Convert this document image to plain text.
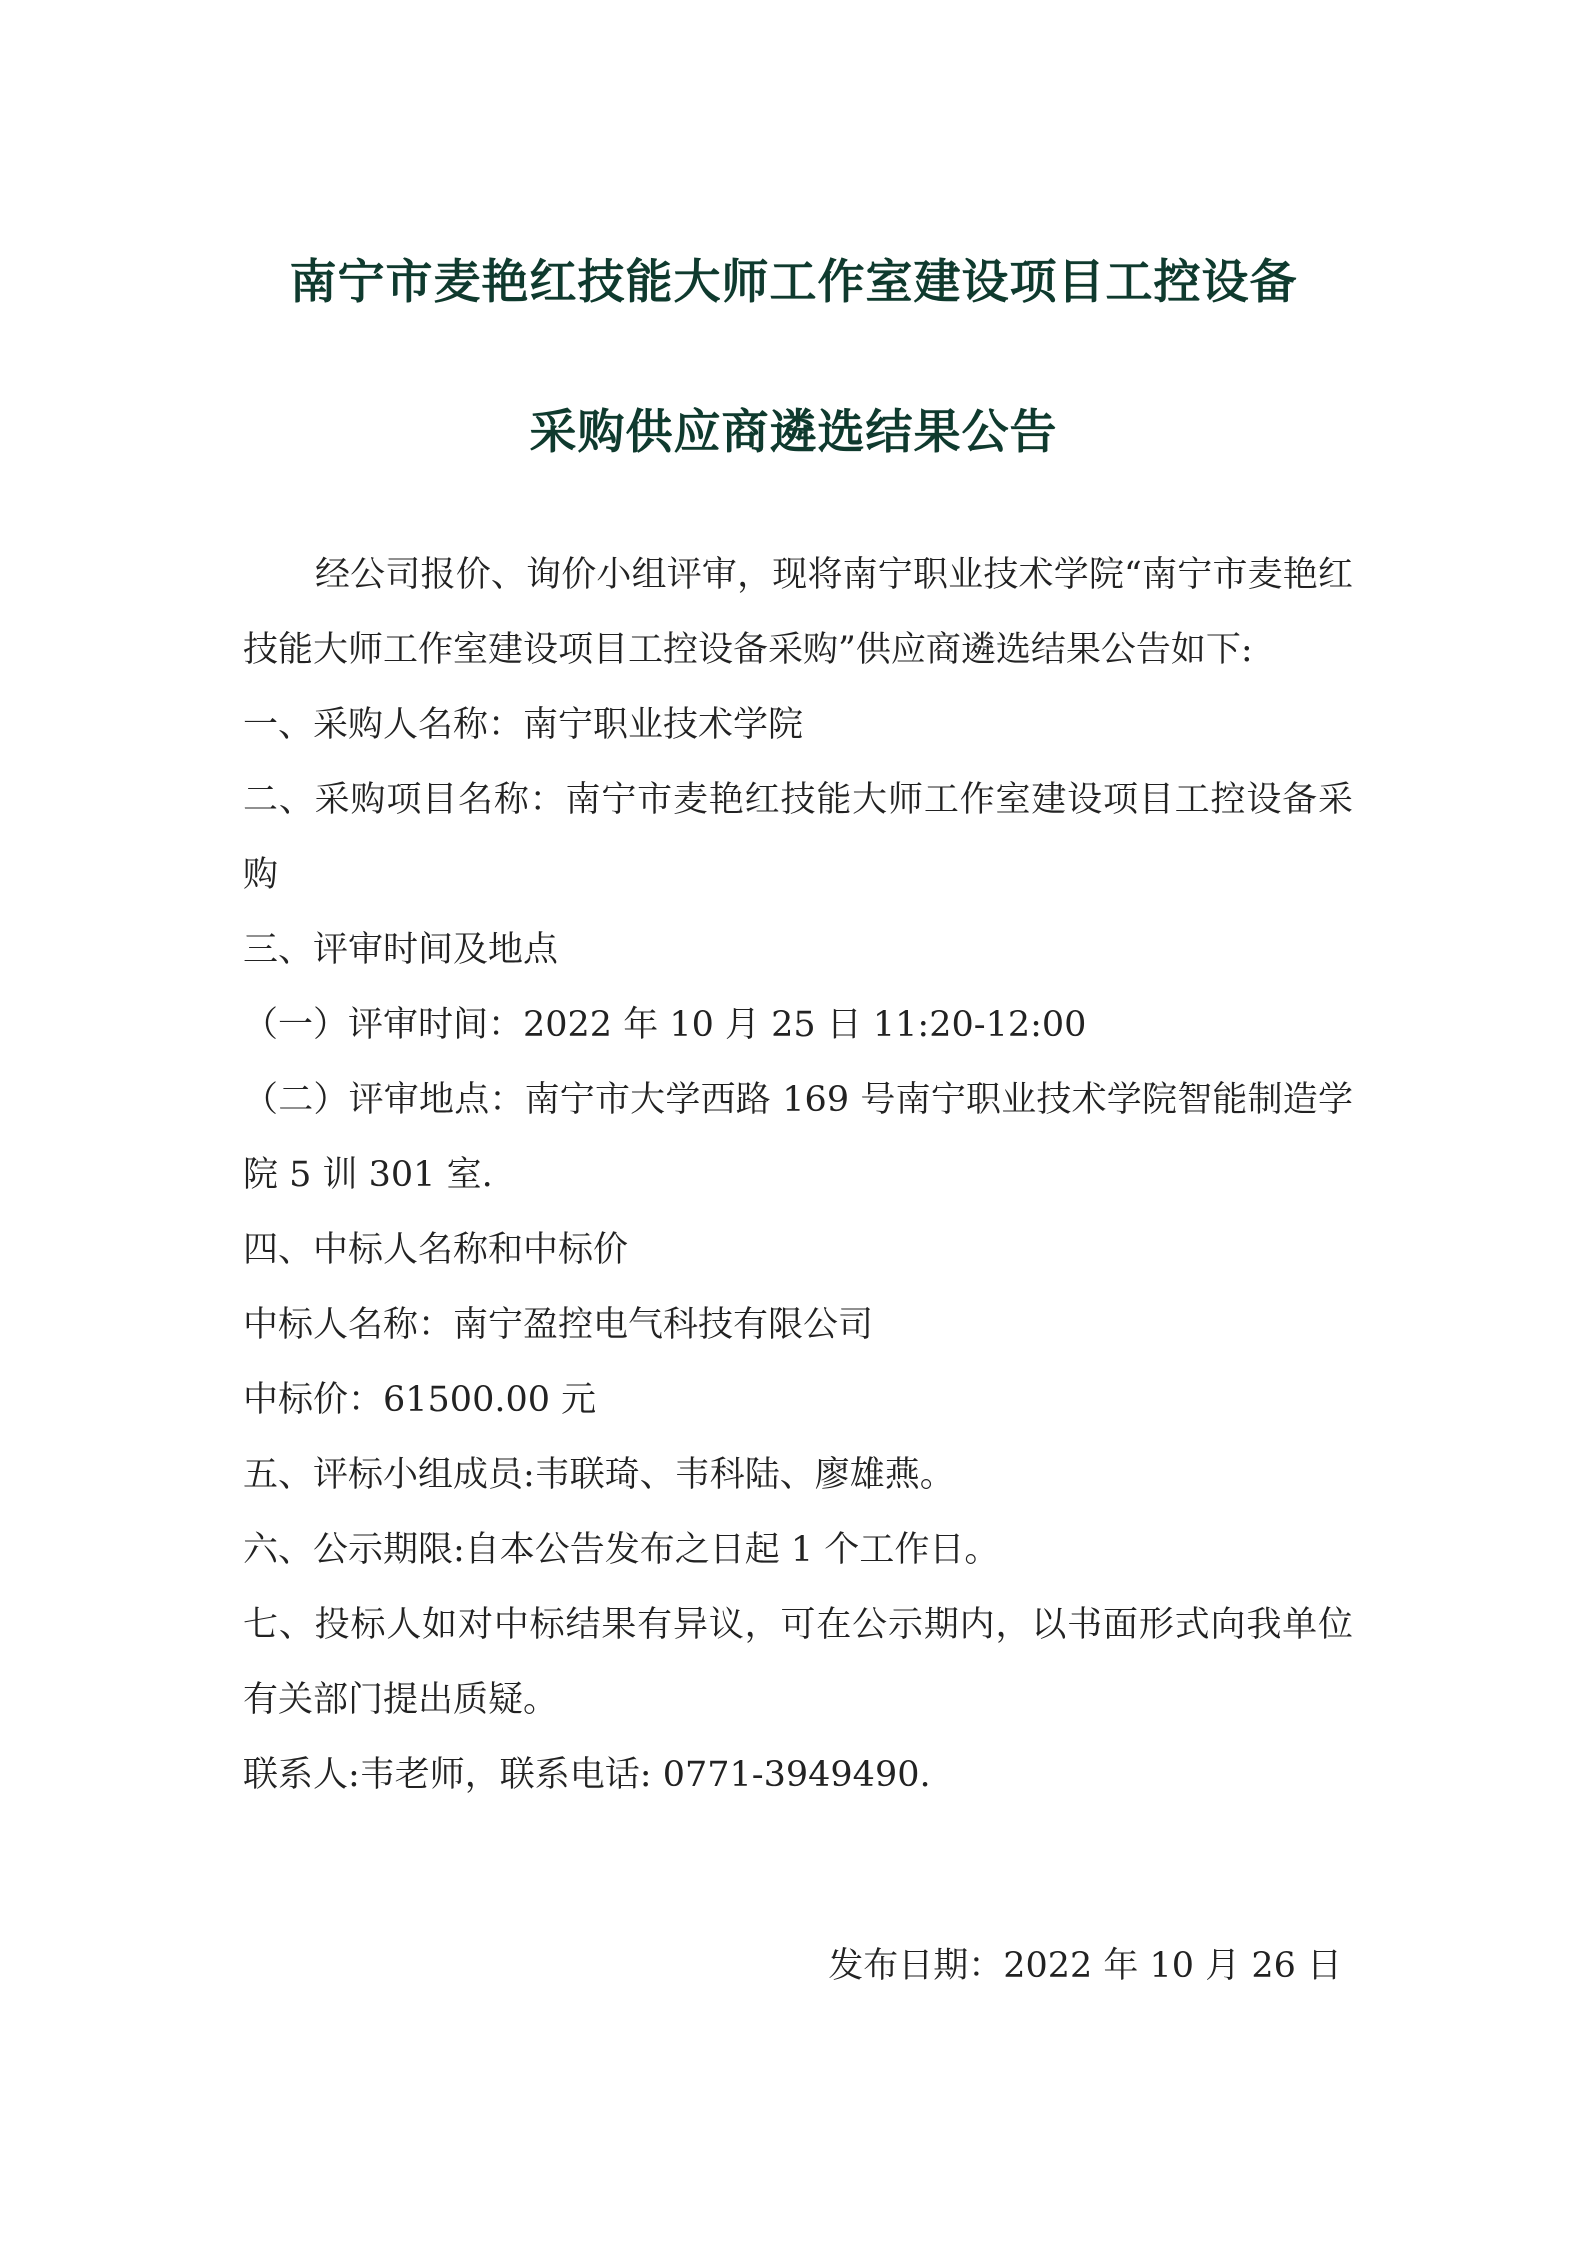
南宁市麦艳红技能大师工作室建设项目工控设备
采购供应商遴选结果公告

经公司报价、询价小组评审，现将南宁职业技术学院“南宁市麦艳红技能大师工作室建设项目工控设备采购”供应商遴选结果公告如下:

一、采购人名称：南宁职业技术学院

二、采购项目名称：南宁市麦艳红技能大师工作室建设项目工控设备采购

三、评审时间及地点

（一）评审时间：2022 年 10 月 25 日 11:20-12:00

（二）评审地点：南宁市大学西路 169 号南宁职业技术学院智能制造学院 5 训 301 室.

四、中标人名称和中标价

中标人名称：南宁盈控电气科技有限公司

中标价：61500.00 元

五、评标小组成员:韦联琦、韦科陆、廖雄燕。

六、公示期限:自本公告发布之日起 1 个工作日。

七、投标人如对中标结果有异议，可在公示期内，以书面形式向我单位有关部门提出质疑。

联系人:韦老师，联系电话: 0771-3949490.

发布日期：2022 年 10 月 26 日
